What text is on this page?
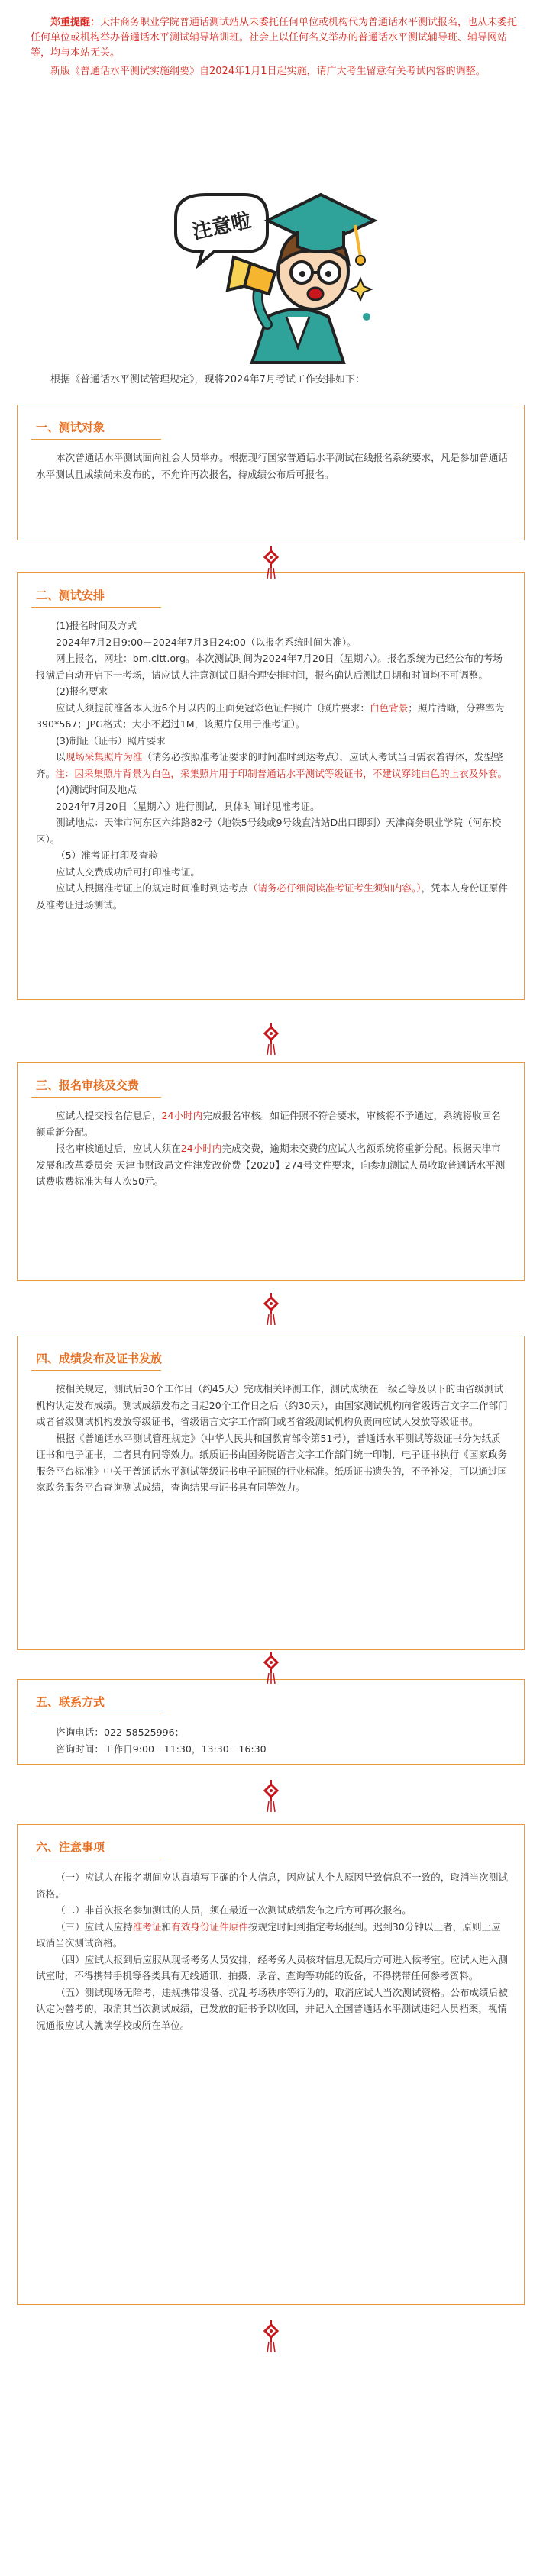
郑重提醒：天津商务职业学院普通话测试站从未委托任何单位或机构代为普通话水平测试报名，也从未委托任何单位或机构举办普通话水平测试辅导培训班。社会上以任何名义举办的普通话水平测试辅导班、辅导网站等，均与本站无关。

新版《普通话水平测试实施纲要》自2024年1月1日起实施，请广大考生留意有关考试内容的调整。

注意啦
根据《普通话水平测试管理规定》，现将2024年7月考试工作安排如下：
一、测试对象

本次普通话水平测试面向社会人员举办。根据现行国家普通话水平测试在线报名系统要求，凡是参加普通话水平测试且成绩尚未发布的，不允许再次报名，待成绩公布后可报名。

二、测试安排

(1)报名时间及方式

2024年7月2日9:00－2024年7月3日24:00（以报名系统时间为准）。

网上报名，网址：bm.cltt.org。本次测试时间为2024年7月20日（星期六）。报名系统为已经公布的考场报满后自动开启下一考场，请应试人注意测试日期合理安排时间，报名确认后测试日期和时间均不可调整。

(2)报名要求

应试人须提前准备本人近6个月以内的正面免冠彩色证件照片（照片要求：白色背景；照片清晰，分辨率为390*567；JPG格式；大小不超过1M，该照片仅用于准考证）。

(3)制证（证书）照片要求

以现场采集照片为准（请务必按照准考证要求的时间准时到达考点），应试人考试当日需衣着得体，发型整齐。注：因采集照片背景为白色，采集照片用于印制普通话水平测试等级证书，不建议穿纯白色的上衣及外套。

(4)测试时间及地点

2024年7月20日（星期六）进行测试，具体时间详见准考证。

测试地点：天津市河东区六纬路82号（地铁5号线或9号线直沽站D出口即到）天津商务职业学院（河东校区）。

（5）准考证打印及查验

应试人交费成功后可打印准考证。

应试人根据准考证上的规定时间准时到达考点（请务必仔细阅读准考证考生须知内容。），凭本人身份证原件及准考证进场测试。

三、报名审核及交费

应试人提交报名信息后，24小时内完成报名审核。如证件照不符合要求，审核将不予通过，系统将收回名额重新分配。

报名审核通过后，应试人须在24小时内完成交费，逾期未交费的应试人名额系统将重新分配。根据天津市发展和改革委员会 天津市财政局文件津发改价费【2020】274号文件要求，向参加测试人员收取普通话水平测试费收费标准为每人次50元。

四、成绩发布及证书发放

按相关规定，测试后30个工作日（约45天）完成相关评测工作，测试成绩在一级乙等及以下的由省级测试机构认定发布成绩。测试成绩发布之日起20个工作日之后（约30天），由国家测试机构向省级语言文字工作部门或者省级测试机构发放等级证书，省级语言文字工作部门或者省级测试机构负责向应试人发放等级证书。

根据《普通话水平测试管理规定》（中华人民共和国教育部令第51号），普通话水平测试等级证书分为纸质证书和电子证书，二者具有同等效力。纸质证书由国务院语言文字工作部门统一印制，电子证书执行《国家政务服务平台标准》中关于普通话水平测试等级证书电子证照的行业标准。纸质证书遗失的，不予补发，可以通过国家政务服务平台查询测试成绩，查询结果与证书具有同等效力。

五、联系方式

咨询电话：022-58525996；

咨询时间：工作日9:00－11:30，13:30－16:30

六、注意事项

（一）应试人在报名期间应认真填写正确的个人信息，因应试人个人原因导致信息不一致的，取消当次测试资格。

（二）非首次报名参加测试的人员，须在最近一次测试成绩发布之后方可再次报名。

（三）应试人应持准考证和有效身份证件原件按规定时间到指定考场报到。迟到30分钟以上者，原则上应取消当次测试资格。

（四）应试人报到后应服从现场考务人员安排，经考务人员核对信息无误后方可进入候考室。应试人进入测试室时，不得携带手机等各类具有无线通讯、拍摄、录音、查询等功能的设备，不得携带任何参考资料。

（五）测试现场无陪考，违规携带设备、扰乱考场秩序等行为的，取消应试人当次测试资格。公布成绩后被认定为替考的，取消其当次测试成绩，已发放的证书予以收回，并记入全国普通话水平测试违纪人员档案，视情况通报应试人就读学校或所在单位。
